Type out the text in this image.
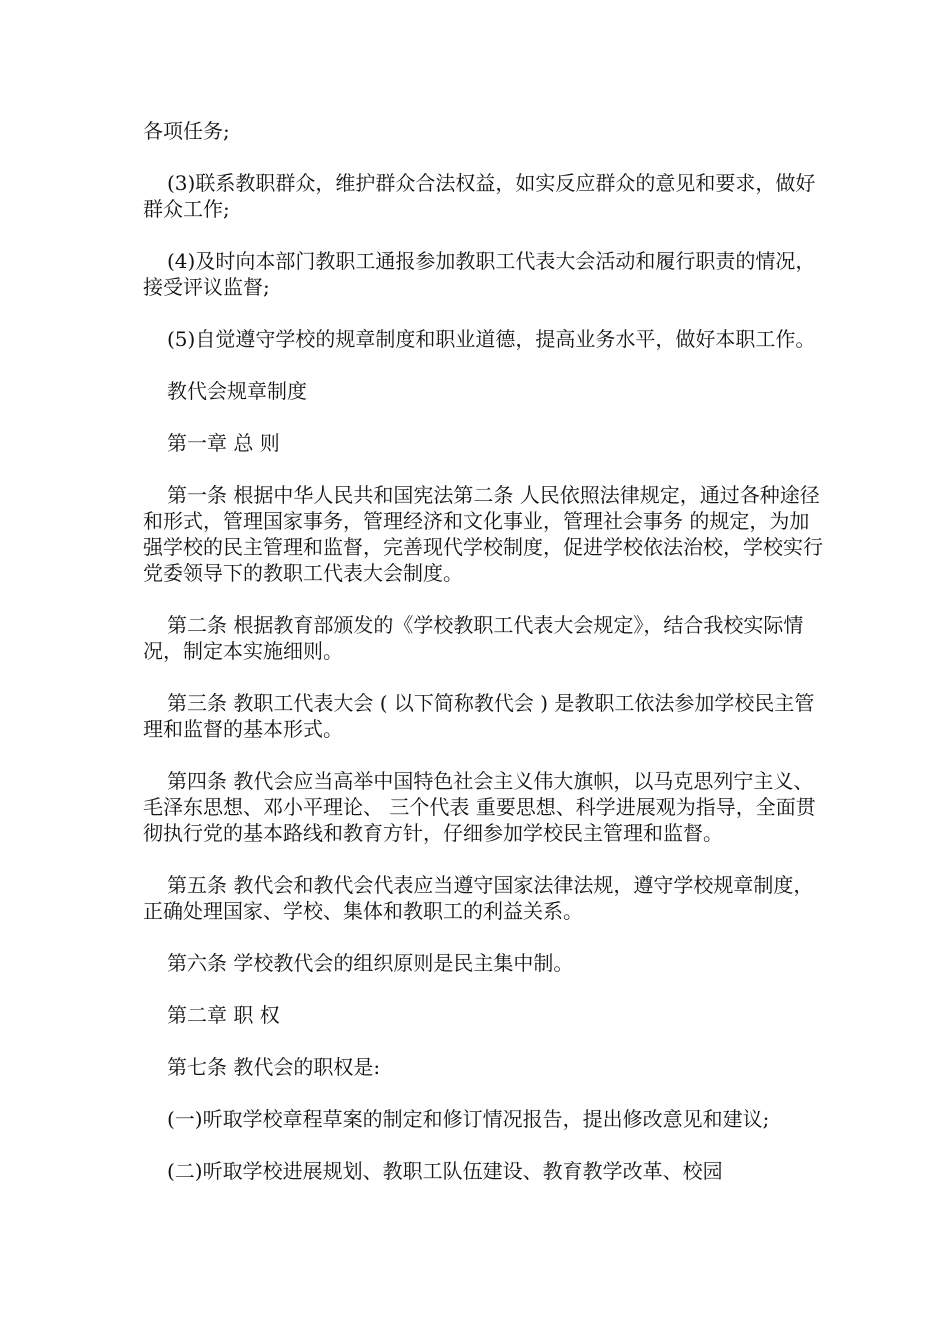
各项任务;

(3)联系教职群众，维护群众合法权益，如实反应群众的意见和要求，做好群众工作;

(4)及时向本部门教职工通报参加教职工代表大会活动和履行职责的情况，接受评议监督;

(5)自觉遵守学校的规章制度和职业道德，提高业务水平，做好本职工作。

教代会规章制度

第一章 总 则

第一条 根据中华人民共和国宪法第二条 人民依照法律规定，通过各种途径和形式，管理国家事务，管理经济和文化事业，管理社会事务 的规定，为加强学校的民主管理和监督，完善现代学校制度，促进学校依法治校，学校实行党委领导下的教职工代表大会制度。

第二条 根据教育部颁发的《学校教职工代表大会规定》，结合我校实际情况，制定本实施细则。

第三条 教职工代表大会 ( 以下简称教代会 ) 是教职工依法参加学校民主管理和监督的基本形式。

第四条 教代会应当高举中国特色社会主义伟大旗帜，以马克思列宁主义、毛泽东思想、邓小平理论、 三个代表 重要思想、科学进展观为指导，全面贯彻执行党的基本路线和教育方针，仔细参加学校民主管理和监督。

第五条 教代会和教代会代表应当遵守国家法律法规，遵守学校规章制度，正确处理国家、学校、集体和教职工的利益关系。

第六条 学校教代会的组织原则是民主集中制。

第二章 职 权

第七条 教代会的职权是:

(一)听取学校章程草案的制定和修订情况报告，提出修改意见和建议;

(二)听取学校进展规划、教职工队伍建设、教育教学改革、校园
